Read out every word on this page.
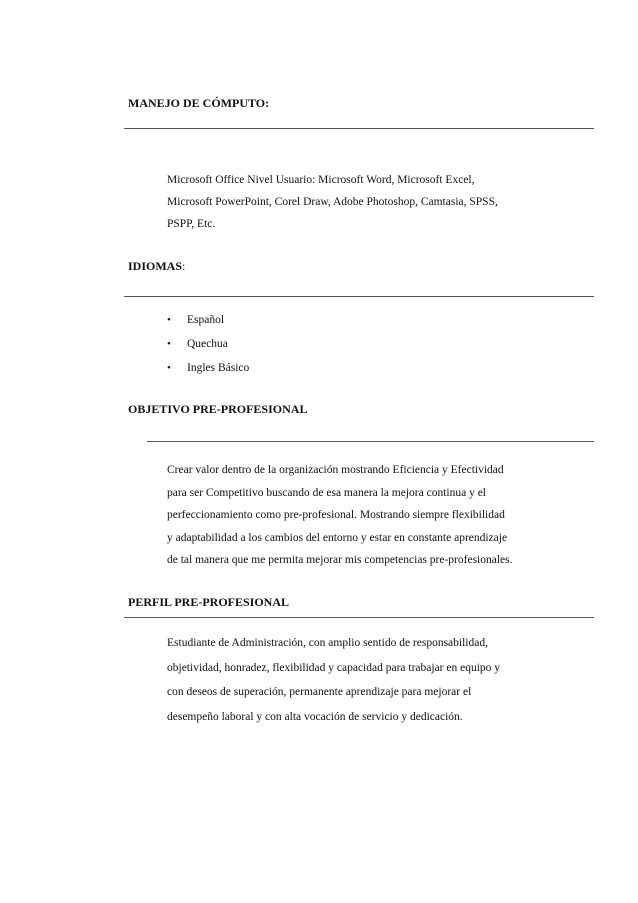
MANEJO DE CÓMPUTO:
Microsoft Office Nivel Usuario: Microsoft Word, Microsoft Excel,
Microsoft PowerPoint, Corel Draw, Adobe Photoshop, Camtasia, SPSS,
PSPP, Etc.
IDIOMAS:
• Español
• Quechua
• Ingles Básico
OBJETIVO PRE-PROFESIONAL
Crear valor dentro de la organización mostrando Eficiencia y Efectividad
para ser Competitivo buscando de esa manera la mejora continua y el
perfeccionamiento como pre-profesional. Mostrando siempre flexibilidad
y adaptabilidad a los cambios del entorno y estar en constante aprendizaje
de tal manera que me permita mejorar mis competencias pre-profesionales.
PERFIL PRE-PROFESIONAL
Estudiante de Administración, con amplio sentido de responsabilidad,
objetividad, honradez, flexibilidad y capacidad para trabajar en equipo y
con deseos de superación, permanente aprendizaje para mejorar el
desempeño laboral y con alta vocación de servicio y dedicación.
